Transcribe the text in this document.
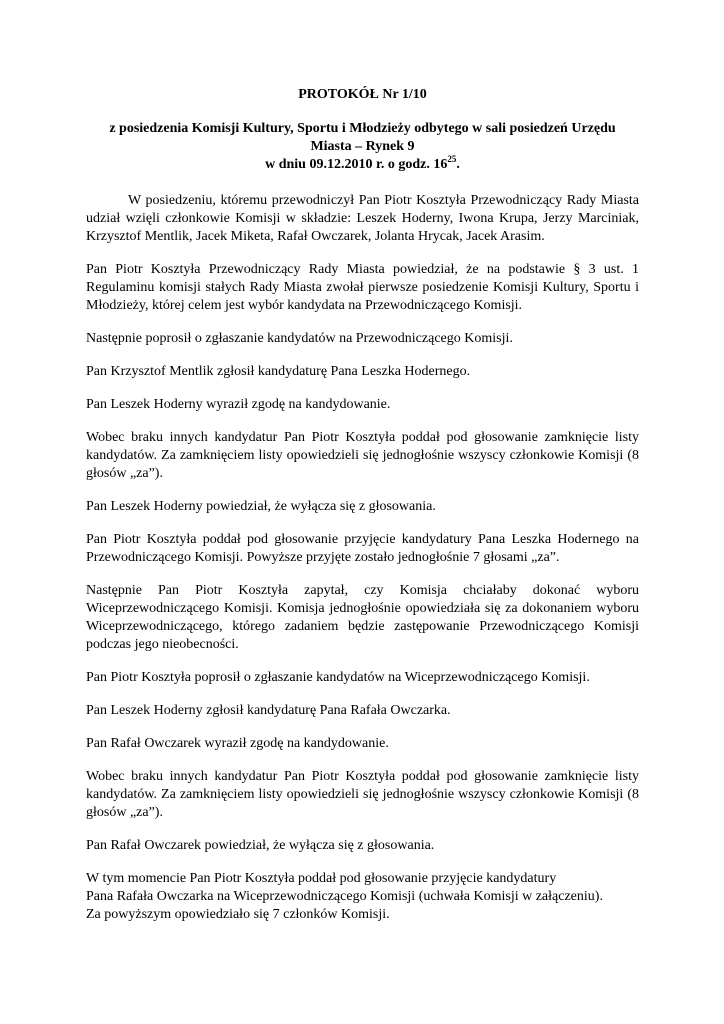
PROTOKÓŁ Nr 1/10
z posiedzenia Komisji Kultury, Sportu i Młodzieży odbytego w sali posiedzeń Urzędu
Miasta – Rynek 9
w dniu 09.12.2010 r. o godz. $16^{25}$.

W posiedzeniu, któremu przewodniczył Pan Piotr Kosztyła Przewodniczący Rady Miasta udział wzięli członkowie Komisji w składzie: Leszek Hoderny, Iwona Krupa, Jerzy Marciniak, Krzysztof Mentlik, Jacek Miketa, Rafał Owczarek, Jolanta Hrycak, Jacek Arasim.

Pan Piotr Kosztyła Przewodniczący Rady Miasta powiedział, że na podstawie § 3 ust. 1 Regulaminu komisji stałych Rady Miasta zwołał pierwsze posiedzenie Komisji Kultury, Sportu i Młodzieży, której celem jest wybór kandydata na Przewodniczącego Komisji.

Następnie poprosił o zgłaszanie kandydatów na Przewodniczącego Komisji.

Pan Krzysztof Mentlik zgłosił kandydaturę Pana Leszka Hodernego.

Pan Leszek Hoderny wyraził zgodę na kandydowanie.

Wobec braku innych kandydatur Pan Piotr Kosztyła poddał pod głosowanie zamknięcie listy kandydatów. Za zamknięciem listy opowiedzieli się jednogłośnie wszyscy członkowie Komisji (8 głosów „za”).

Pan Leszek Hoderny powiedział, że wyłącza się z głosowania.

Pan Piotr Kosztyła poddał pod głosowanie przyjęcie kandydatury Pana Leszka Hodernego na Przewodniczącego Komisji. Powyższe przyjęte zostało jednogłośnie 7 głosami „za”.

Następnie Pan Piotr Kosztyła zapytał, czy Komisja chciałaby dokonać wyboru Wiceprzewodniczącego Komisji. Komisja jednogłośnie opowiedziała się za dokonaniem wyboru Wiceprzewodniczącego, którego zadaniem będzie zastępowanie Przewodniczącego Komisji podczas jego nieobecności.

Pan Piotr Kosztyła poprosił o zgłaszanie kandydatów na Wiceprzewodniczącego Komisji.

Pan Leszek Hoderny zgłosił kandydaturę Pana Rafała Owczarka.

Pan Rafał Owczarek wyraził zgodę na kandydowanie.

Wobec braku innych kandydatur Pan Piotr Kosztyła poddał pod głosowanie zamknięcie listy kandydatów. Za zamknięciem listy opowiedzieli się jednogłośnie wszyscy członkowie Komisji (8 głosów „za”).

Pan Rafał Owczarek powiedział, że wyłącza się z głosowania.

W tym momencie Pan Piotr Kosztyła poddał pod głosowanie przyjęcie kandydatury
Pana Rafała Owczarka na Wiceprzewodniczącego Komisji (uchwała Komisji w załączeniu).
Za powyższym opowiedziało się 7 członków Komisji.
